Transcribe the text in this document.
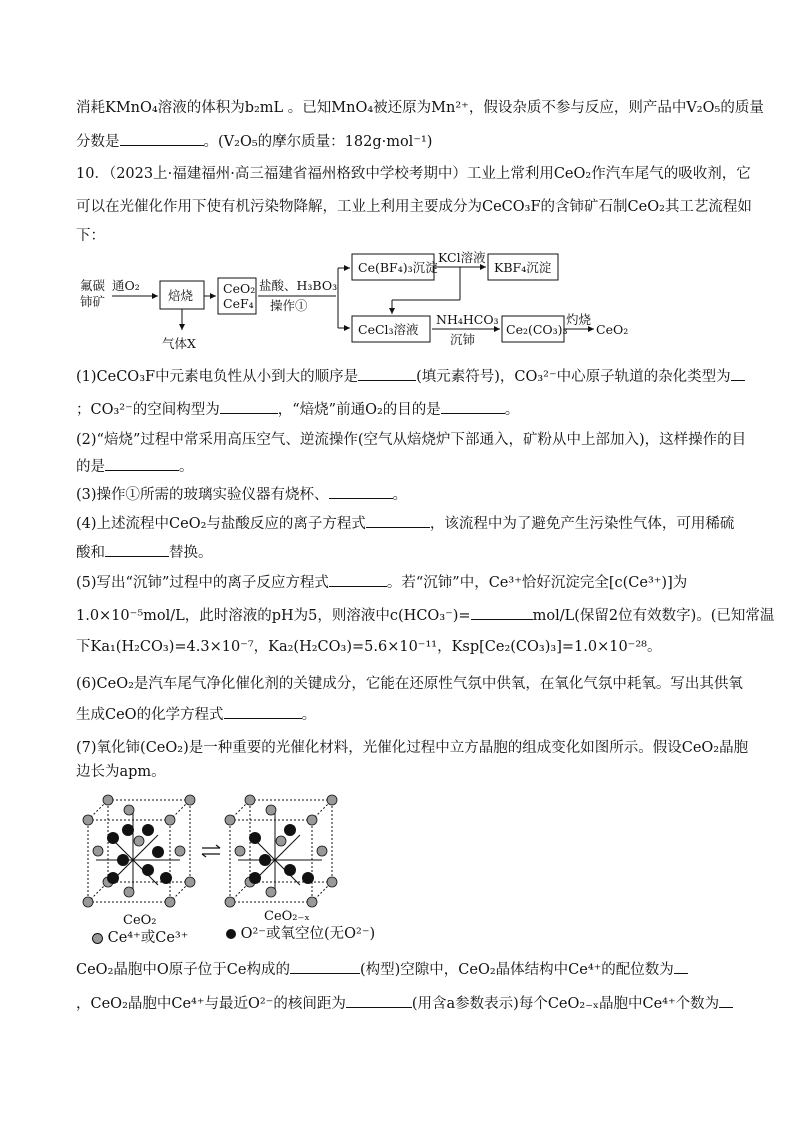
消耗KMnO₄溶液的体积为b₂mL 。已知MnO₄被还原为Mn²⁺，假设杂质不参与反应，则产品中V₂O₅的质量
分数是	。(V₂O₅的摩尔质量：182g·mol⁻¹)
10．（2023上·福建福州·高三福建省福州格致中学校考期中）工业上常利用CeO₂作汽车尾气的吸收剂，它
可以在光催化作用下使有机污染物降解，工业上利用主要成分为CeCO₃F的含铈矿石制CeO₂其工艺流程如
下：
氟碳
铈矿
通O₂
焙烧
气体X
CeO₂
CeF₄
盐酸、H₃BO₃
操作①
Ce(BF₄)₃沉淀
KCl溶液
KBF₄沉淀
CeCl₃溶液
NH₄HCO₃
沉铈
Ce₂(CO₃)₃
灼烧
CeO₂
(1)CeCO₃F中元素电负性从小到大的顺序是	(填元素符号)，CO₃²⁻中心原子轨道的杂化类型为
；CO₃²⁻的空间构型为	，“焙烧”前通O₂的目的是	。
(2)“焙烧”过程中常采用高压空气、逆流操作(空气从焙烧炉下部通入，矿粉从中上部加入)，这样操作的目
的是	。
(3)操作①所需的玻璃实验仪器有烧杯、	。
(4)上述流程中CeO₂与盐酸反应的离子方程式	，该流程中为了避免产生污染性气体，可用稀硫
酸和	替换。
(5)写出“沉铈”过程中的离子反应方程式	。若“沉铈”中，Ce³⁺恰好沉淀完全[c(Ce³⁺)]为
1.0×10⁻⁵mol/L，此时溶液的pH为5，则溶液中c(HCO₃⁻)=	mol/L(保留2位有效数字)。(已知常温
下Ka₁(H₂CO₃)=4.3×10⁻⁷，Ka₂(H₂CO₃)=5.6×10⁻¹¹，Ksp[Ce₂(CO₃)₃]=1.0×10⁻²⁸。
(6)CeO₂是汽车尾气净化催化剂的关键成分，它能在还原性气氛中供氧，在氧化气氛中耗氧。写出其供氧
生成CeO的化学方程式	。
(7)氧化铈(CeO₂)是一种重要的光催化材料，光催化过程中立方晶胞的组成变化如图所示。假设CeO₂晶胞
边长为apm。
CeO₂	CeO₂₋ₓ
Ce⁴⁺或Ce³⁺	O²⁻或氧空位(无O²⁻)
CeO₂晶胞中O原子位于Ce构成的	(构型)空隙中，CeO₂晶体结构中Ce⁴⁺的配位数为
，CeO₂晶胞中Ce⁴⁺与最近O²⁻的核间距为	(用含a参数表示)每个CeO₂₋ₓ晶胞中Ce⁴⁺个数为
